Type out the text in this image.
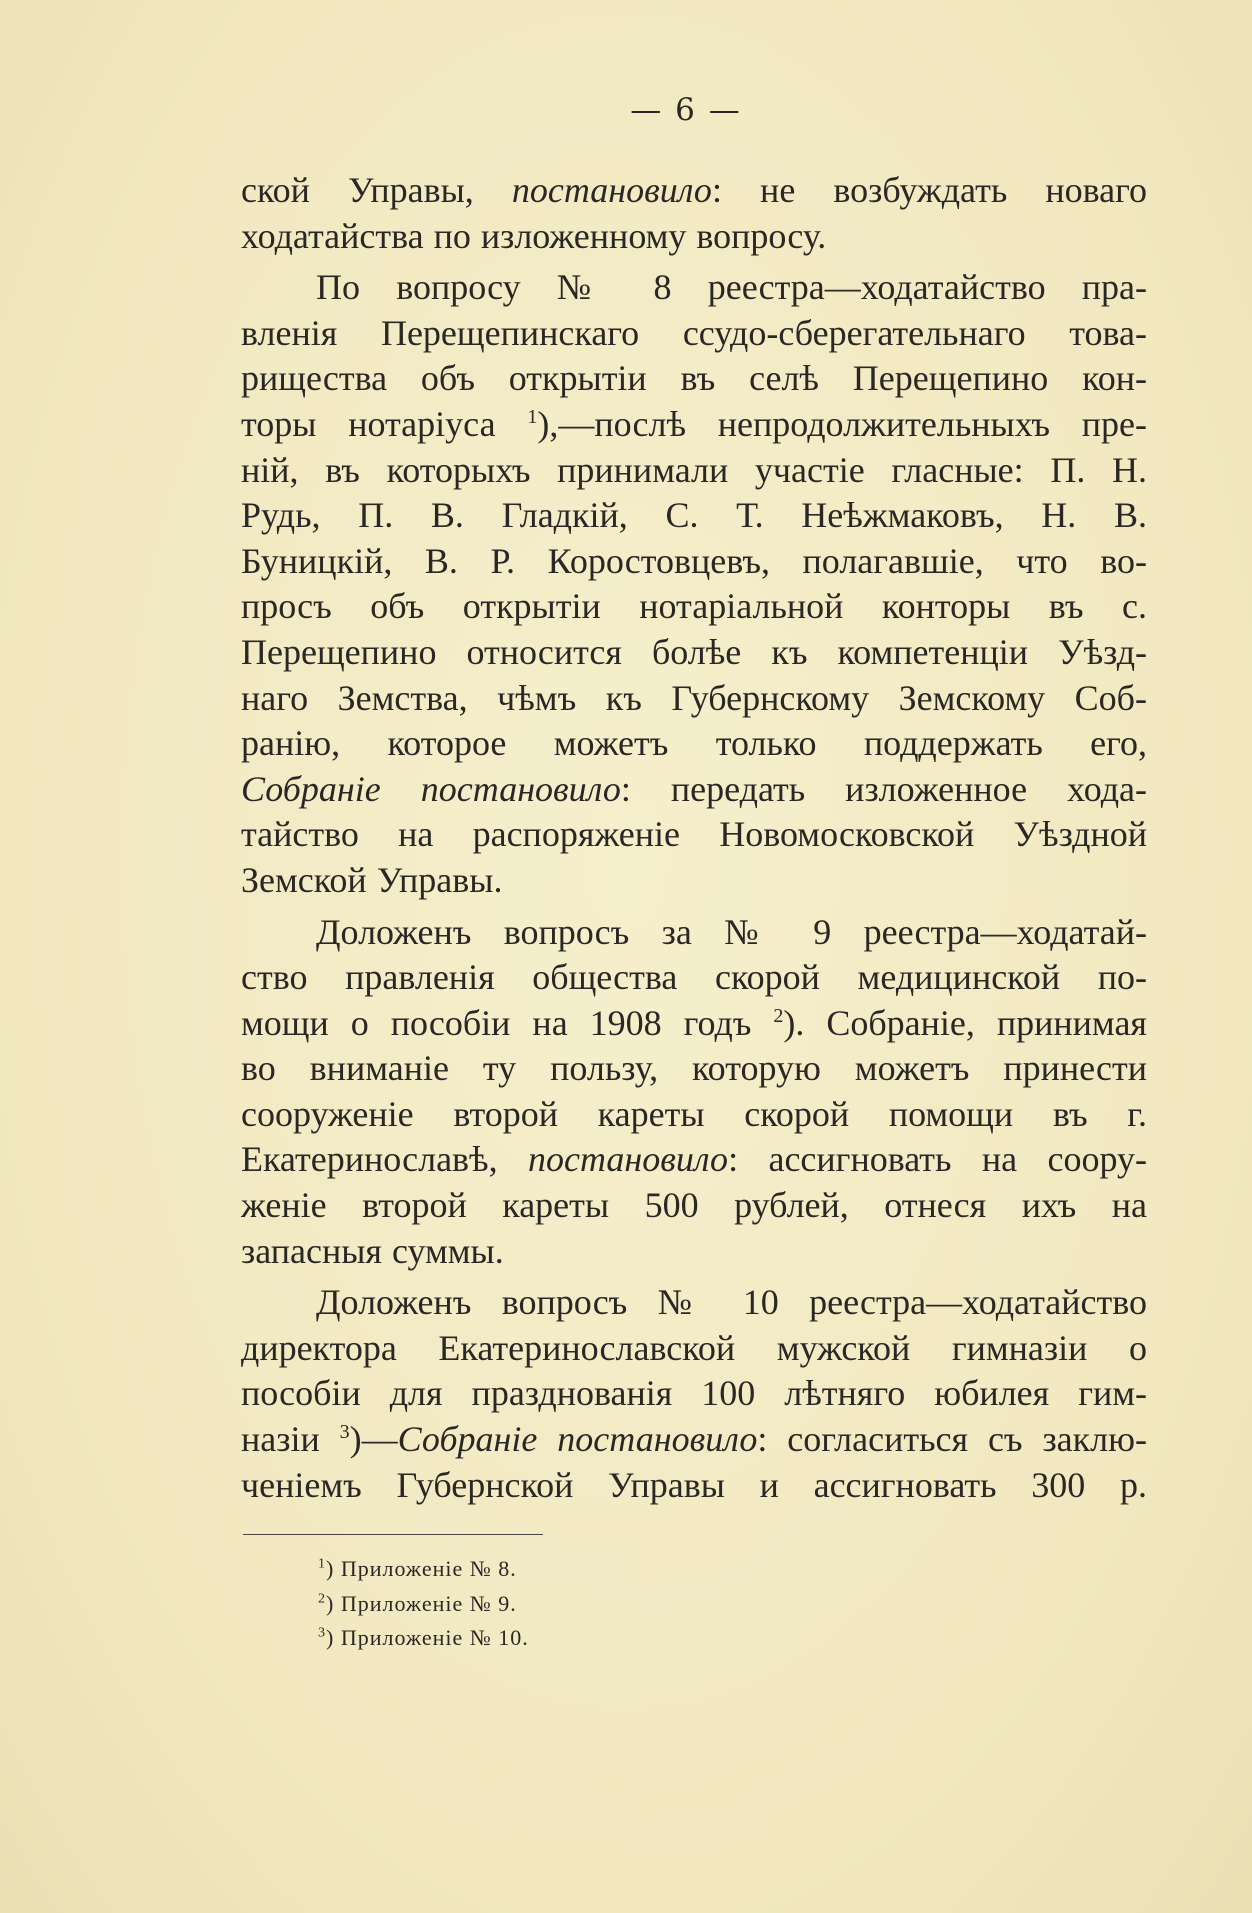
— 6 —
ской Управы, постановило: не возбуждать новаго
ходатайства по изложенному вопросу.
По вопросу № 8 реестра—ходатайство пра-
вленія Перещепинскаго ссудо-сберегательнаго това-
рищества объ открытіи въ селѣ Перещепино кон-
торы нотаріуса $^1$),—послѣ непродолжительныхъ пре-
ній, въ которыхъ принимали участіе гласные: П. Н.
Рудь, П. В. Гладкій, С. Т. Неѣжмаковъ, Н. В.
Буницкій, В. Р. Коростовцевъ, полагавшіе, что во-
просъ объ открытіи нотаріальной конторы въ с.
Перещепино относится болѣе къ компетенціи Уѣзд-
наго Земства, чѣмъ къ Губернскому Земскому Соб-
ранію, которое можетъ только поддержать его,
Собраніе постановило: передать изложенное хода-
тайство на распоряженіе Новомосковской Уѣздной
Земской Управы.
Доложенъ вопросъ за № 9 реестра—ходатай-
ство правленія общества скорой медицинской по-
мощи о пособіи на 1908 годъ $^2$). Собраніе, принимая
во вниманіе ту пользу, которую можетъ принести
сооруженіе второй кареты скорой помощи въ г.
Екатеринославѣ, постановило: ассигновать на соору-
женіе второй кареты 500 рублей, отнеся ихъ на
запасныя суммы.
Доложенъ вопросъ № 10 реестра—ходатайство
директора Екатеринославской мужской гимназіи о
пособіи для празднованія 100 лѣтняго юбилея гим-
назіи $^3$)—Собраніе постановило: согласиться съ заклю-
ченіемъ Губернской Управы и ассигновать 300 р.
$^1$) Приложеніе № 8.
$^2$) Приложеніе № 9.
$^3$) Приложеніе № 10.
